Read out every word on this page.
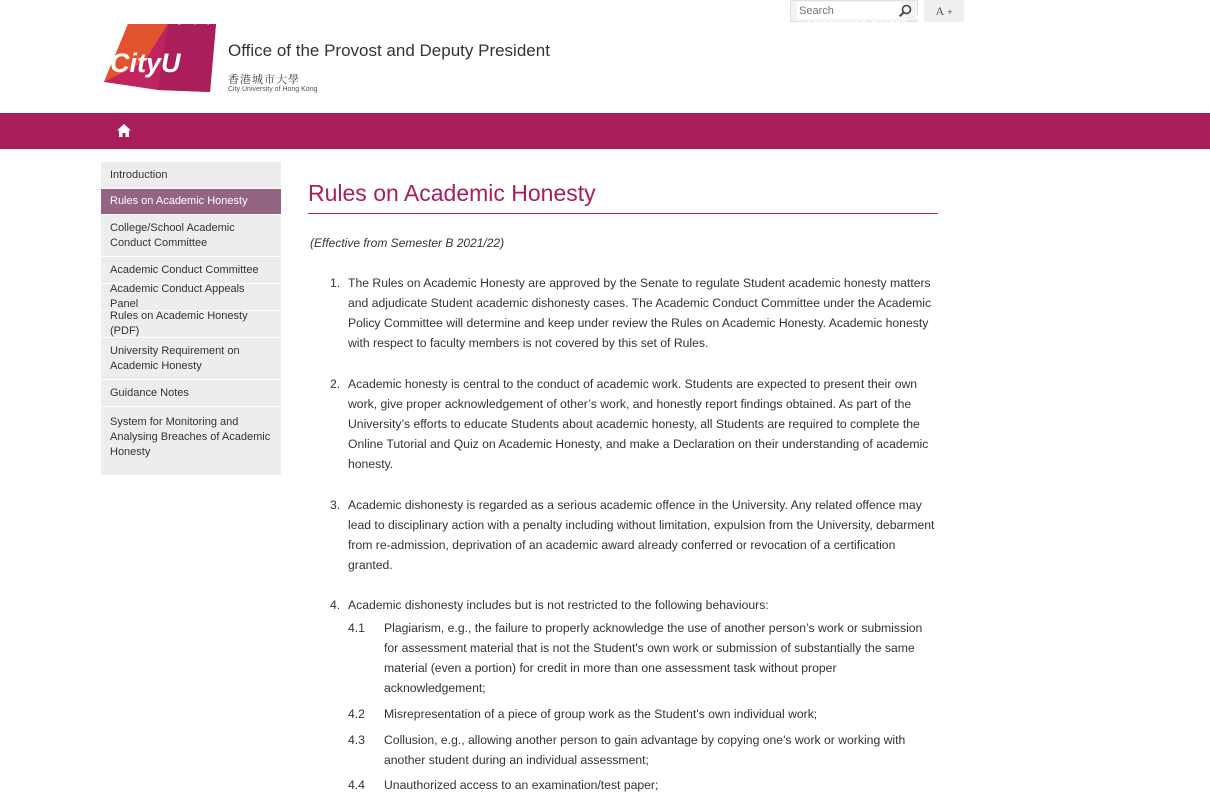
Search
A +
CityU	Office of the Provost and Deputy President
香港城市大學
City University of Hong Kong
Biography Our Team ▼ Flagship
Programmes
Academic
Matters	▼ Senate Committees &
University Reports	▼ Academic
Personnel ▼ Guidelines &
Reporting Systems ▼ Associated Offices ▼
Introduction
Rules on Academic Honesty
College/School Academic Conduct Committee
Academic Conduct Committee
Academic Conduct Appeals Panel
Rules on Academic Honesty (PDF)
University Requirement on Academic Honesty
Guidance Notes
System for Monitoring and Analysing Breaches of Academic Honesty
Rules on Academic Honesty
(Effective from Semester B 2021/22)
1. The Rules on Academic Honesty are approved by the Senate to regulate Student academic honesty matters and adjudicate Student academic dishonesty cases. The Academic Conduct Committee under the Academic Policy Committee will determine and keep under review the Rules on Academic Honesty. Academic honesty with respect to faculty members is not covered by this set of Rules.
2. Academic honesty is central to the conduct of academic work. Students are expected to present their own work, give proper acknowledgement of other’s work, and honestly report findings obtained. As part of the University’s efforts to educate Students about academic honesty, all Students are required to complete the Online Tutorial and Quiz on Academic Honesty, and make a Declaration on their understanding of academic honesty.
3. Academic dishonesty is regarded as a serious academic offence in the University. Any related offence may lead to disciplinary action with a penalty including without limitation, expulsion from the University, debarment from re-admission, deprivation of an academic award already conferred or revocation of a certification granted.
4. Academic dishonesty includes but is not restricted to the following behaviours:
4.1 Plagiarism, e.g., the failure to properly acknowledge the use of another person’s work or submission for assessment material that is not the Student's own work or submission of substantially the same material (even a portion) for credit in more than one assessment task without proper acknowledgement;
4.2 Misrepresentation of a piece of group work as the Student's own individual work;
4.3 Collusion, e.g., allowing another person to gain advantage by copying one's work or working with another student during an individual assessment;
4.4 Unauthorized access to an examination/test paper;
